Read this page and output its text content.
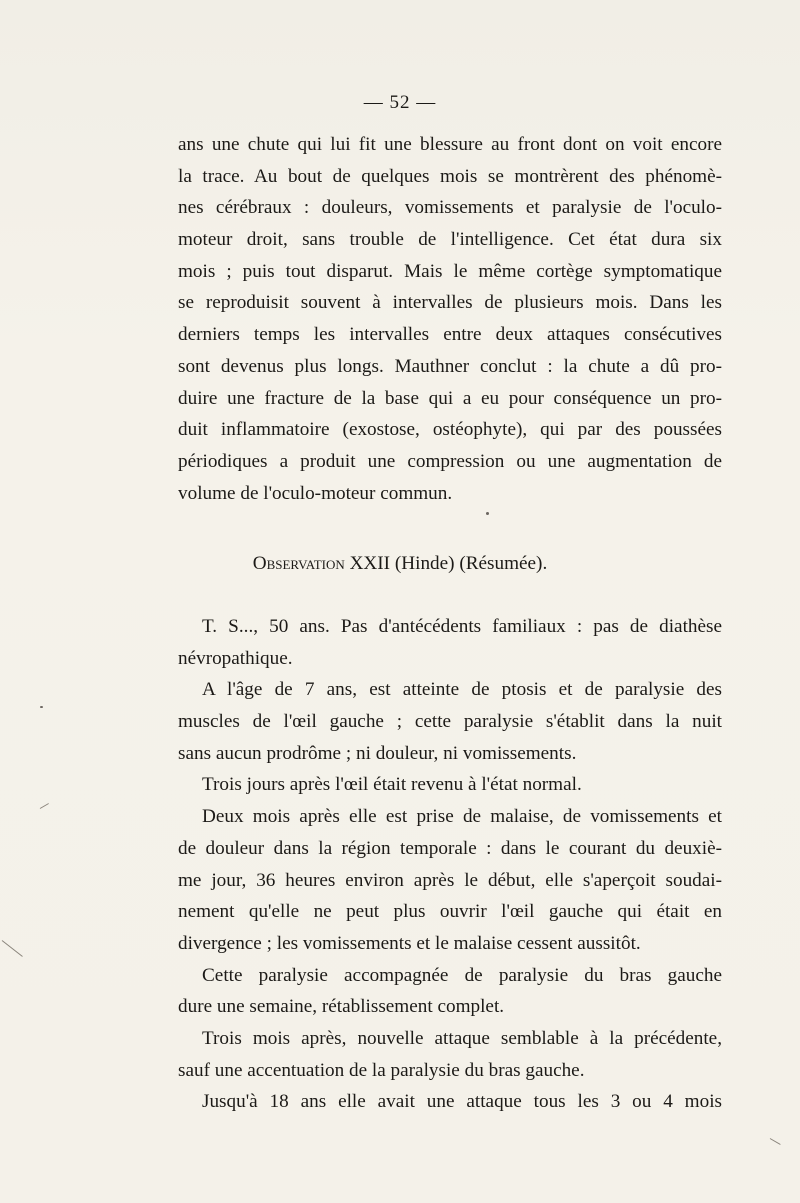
— 52 —
ans une chute qui lui fit une blessure au front dont on voit encore
la trace. Au bout de quelques mois se montrèrent des phénomè-
nes cérébraux : douleurs, vomissements et paralysie de l'oculo-
moteur droit, sans trouble de l'intelligence. Cet état dura six
mois ; puis tout disparut. Mais le même cortège symptomatique
se reproduisit souvent à intervalles de plusieurs mois. Dans les
derniers temps les intervalles entre deux attaques consécutives
sont devenus plus longs. Mauthner conclut : la chute a dû pro-
duire une fracture de la base qui a eu pour conséquence un pro-
duit inflammatoire (exostose, ostéophyte), qui par des poussées
périodiques a produit une compression ou une augmentation de
volume de l'oculo-moteur commun.
Observation XXII (Hinde) (Résumée).
T. S..., 50 ans. Pas d'antécédents familiaux : pas de diathèse
névropathique.
A l'âge de 7 ans, est atteinte de ptosis et de paralysie des
muscles de l'œil gauche ; cette paralysie s'établit dans la nuit
sans aucun prodrôme ; ni douleur, ni vomissements.
Trois jours après l'œil était revenu à l'état normal.
Deux mois après elle est prise de malaise, de vomissements et
de douleur dans la région temporale : dans le courant du deuxiè-
me jour, 36 heures environ après le début, elle s'aperçoit soudai-
nement qu'elle ne peut plus ouvrir l'œil gauche qui était en
divergence ; les vomissements et le malaise cessent aussitôt.
Cette paralysie accompagnée de paralysie du bras gauche
dure une semaine, rétablissement complet.
Trois mois après, nouvelle attaque semblable à la précédente,
sauf une accentuation de la paralysie du bras gauche.
Jusqu'à 18 ans elle avait une attaque tous les 3 ou 4 mois
